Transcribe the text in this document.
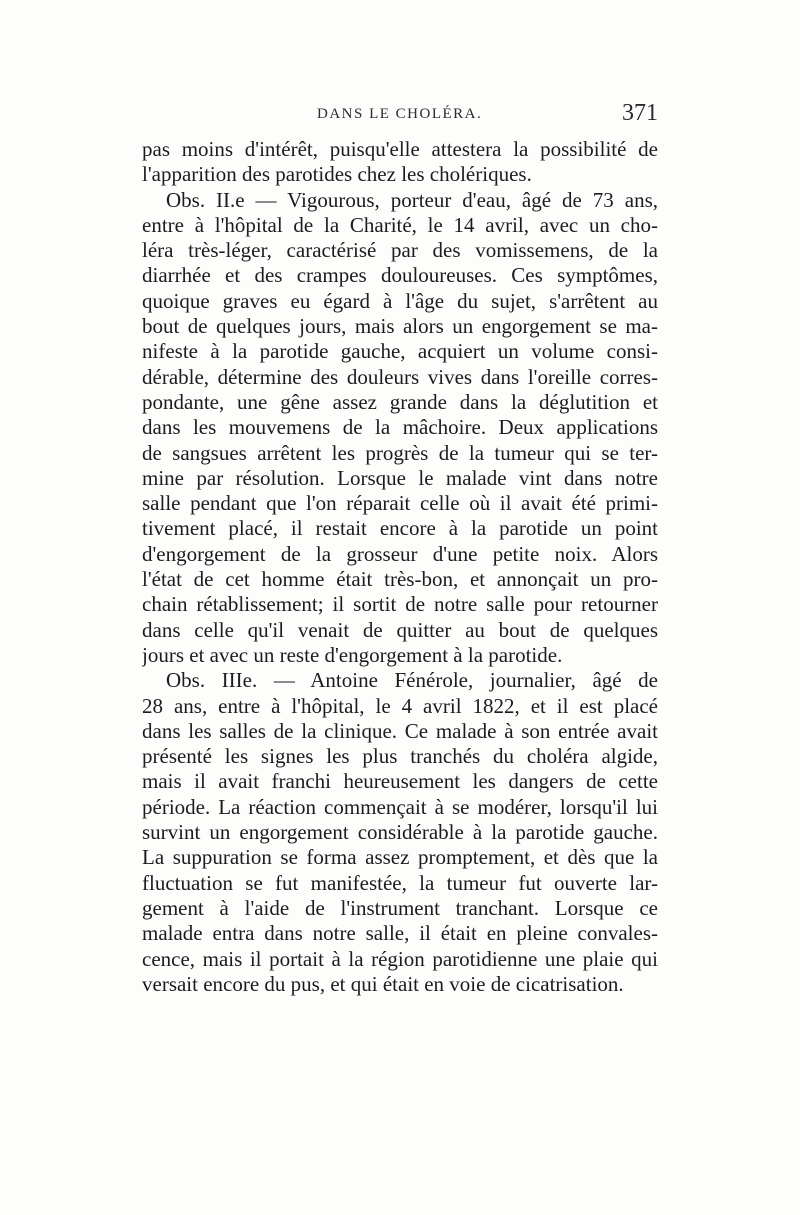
DANS LE CHOLÉRA.	371
pas moins d'intérêt, puisqu'elle attestera la possibilité de
l'apparition des parotides chez les cholériques.
Obs. II.e — Vigourous, porteur d'eau, âgé de 73 ans,
entre à l'hôpital de la Charité, le 14 avril, avec un cho-
léra très-léger, caractérisé par des vomissemens, de la
diarrhée et des crampes douloureuses. Ces symptômes,
quoique graves eu égard à l'âge du sujet, s'arrêtent au
bout de quelques jours, mais alors un engorgement se ma-
nifeste à la parotide gauche, acquiert un volume consi-
dérable, détermine des douleurs vives dans l'oreille corres-
pondante, une gêne assez grande dans la déglutition et
dans les mouvemens de la mâchoire. Deux applications
de sangsues arrêtent les progrès de la tumeur qui se ter-
mine par résolution. Lorsque le malade vint dans notre
salle pendant que l'on réparait celle où il avait été primi-
tivement placé, il restait encore à la parotide un point
d'engorgement de la grosseur d'une petite noix. Alors
l'état de cet homme était très-bon, et annonçait un pro-
chain rétablissement; il sortit de notre salle pour retourner
dans celle qu'il venait de quitter au bout de quelques
jours et avec un reste d'engorgement à la parotide.
Obs. IIIe. — Antoine Fénérole, journalier, âgé de
28 ans, entre à l'hôpital, le 4 avril 1822, et il est placé
dans les salles de la clinique. Ce malade à son entrée avait
présenté les signes les plus tranchés du choléra algide,
mais il avait franchi heureusement les dangers de cette
période. La réaction commençait à se modérer, lorsqu'il lui
survint un engorgement considérable à la parotide gauche.
La suppuration se forma assez promptement, et dès que la
fluctuation se fut manifestée, la tumeur fut ouverte lar-
gement à l'aide de l'instrument tranchant. Lorsque ce
malade entra dans notre salle, il était en pleine convales-
cence, mais il portait à la région parotidienne une plaie qui
versait encore du pus, et qui était en voie de cicatrisation.
